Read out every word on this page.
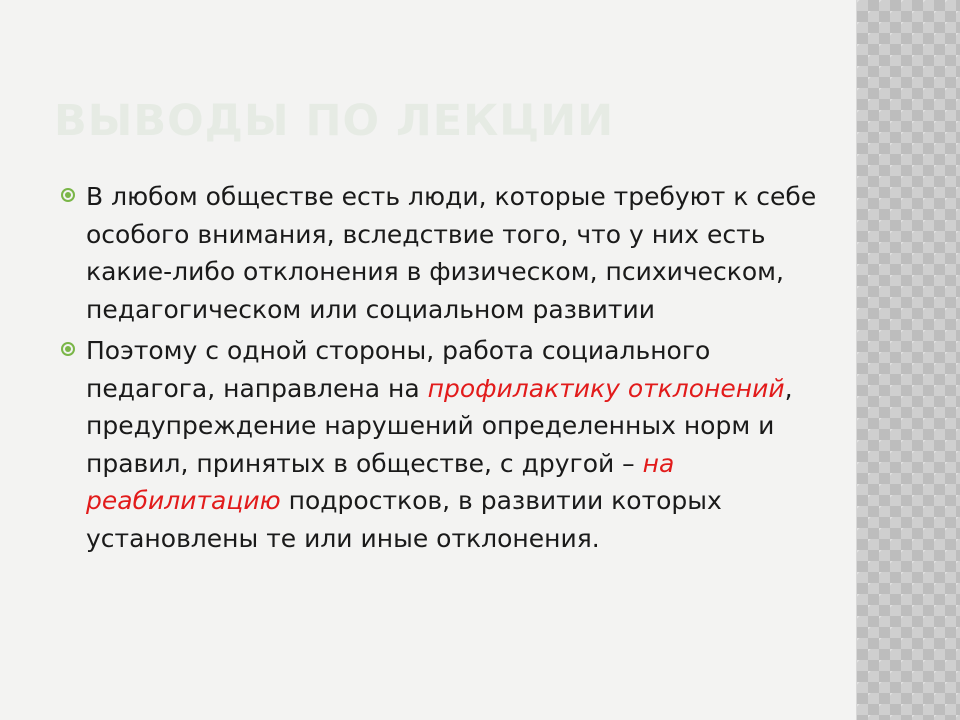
ВЫВОДЫ ПО ЛЕКЦИИ
В любом обществе есть люди, которые требуют к себе особого внимания, вследствие того, что у них есть какие-либо отклонения в физическом, психическом, педагогическом или социальном развитии
Поэтому с одной стороны, работа социального педагога, направлена на профилактику отклонений, предупреждение нарушений определенных норм и правил, принятых в обществе, с другой – на реабилитацию подростков, в развитии которых установлены те или иные отклонения.
